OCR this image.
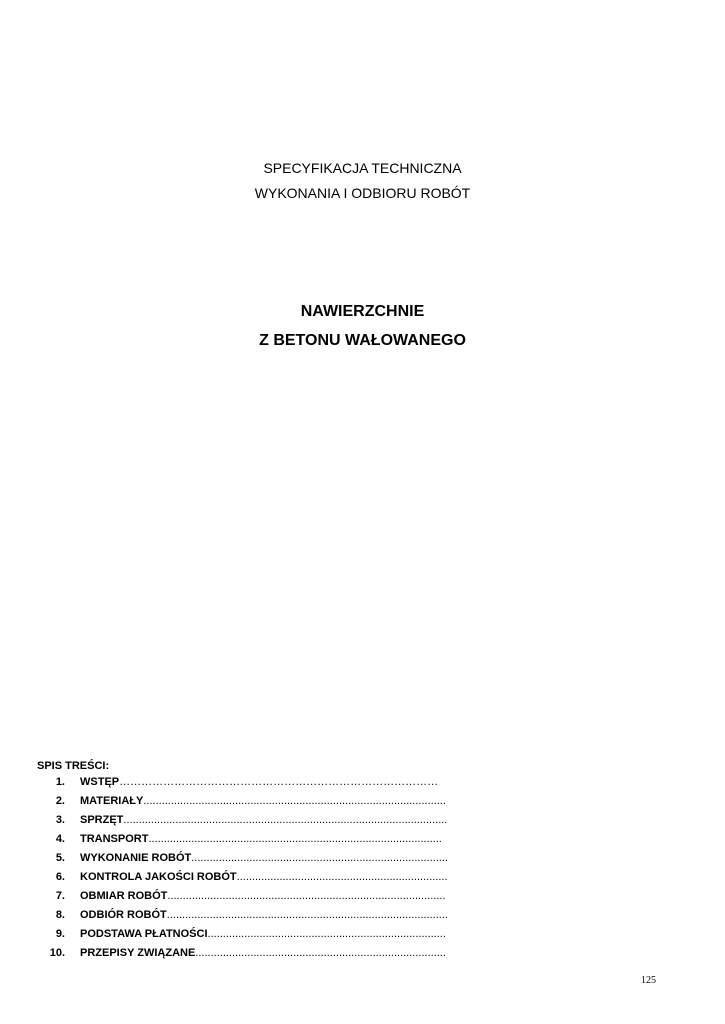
SPECYFIKACJA TECHNICZNA
WYKONANIA I ODBIORU ROBÓT
NAWIERZCHNIE
Z BETONU WAŁOWANEGO
SPIS TREŚCI:
1. WSTĘP……………………………………………………………………………
2. MATERIAŁY...................................................................................................
3. SPRZĘT..........................................................................................................
4. TRANSPORT................................................................................................
5. WYKONANIE ROBÓT....................................................................................
6. KONTROLA JAKOŚCI ROBÓT.....................................................................
7. OBMIAR ROBÓT...........................................................................................
8. ODBIÓR ROBÓT............................................................................................
9. PODSTAWA PŁATNOŚCI..............................................................................
10. PRZEPISY ZWIĄZANE..................................................................................
125
